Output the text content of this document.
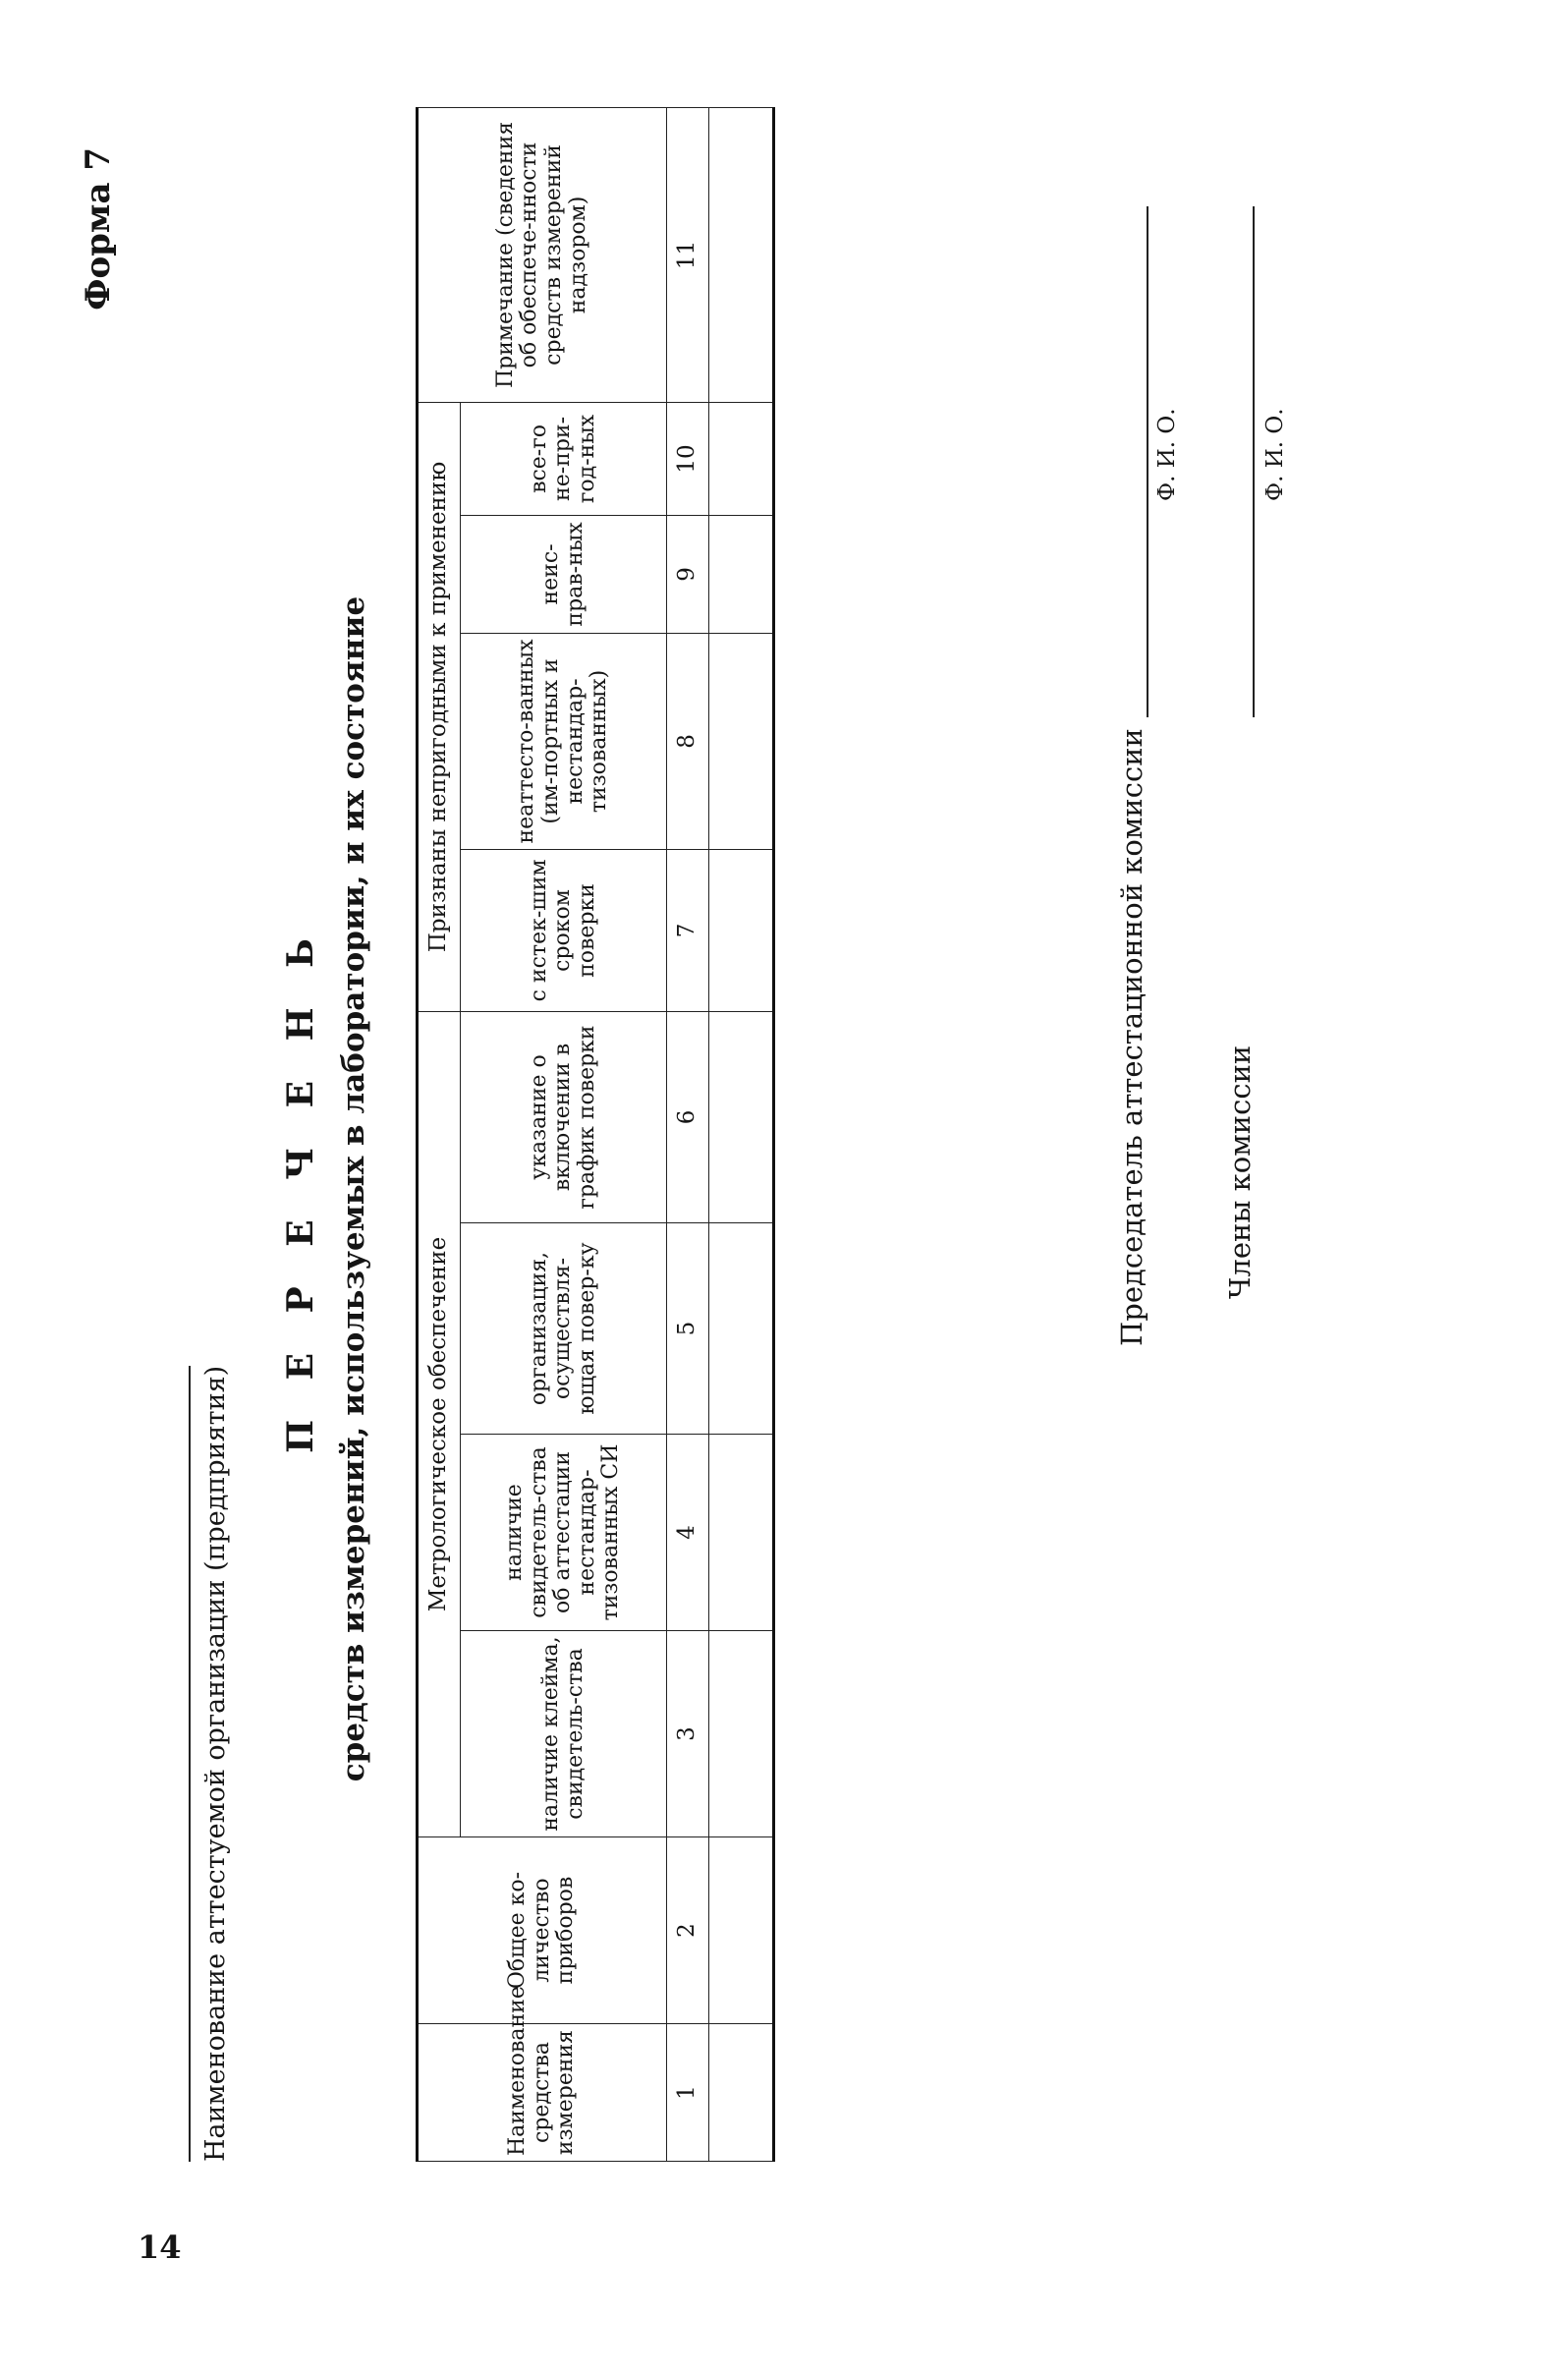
14
Форма 7
Наименование аттестуемой организации (предприятия)
П Е Р Е Ч Е Н Ь средств измерений, используемых в лаборатории, и их состояние
Наименование средства измерения	Общее ко-личество приборов	Метрологическое обеспечение				Признаны непригодными к применению				Примечание (сведения об обеспече-нности средств измерений надзором)
		наличие клейма, свидетель-ства	наличие свидетель-ства об аттестации нестандар-тизованных СИ	организация, осуществля-ющая повер-ку	указание о включении в график поверки	с истек-шим сроком поверки	неаттесто-ванных (им-портных и нестандар-тизованных)	неис-прав-ных	все-го не-при-год-ных	
1	2	3	4	5	6	7	8	9	10	11

Председатель аттестационной комиссии
Ф. И. О.
Члены комиссии
Ф. И. О.
